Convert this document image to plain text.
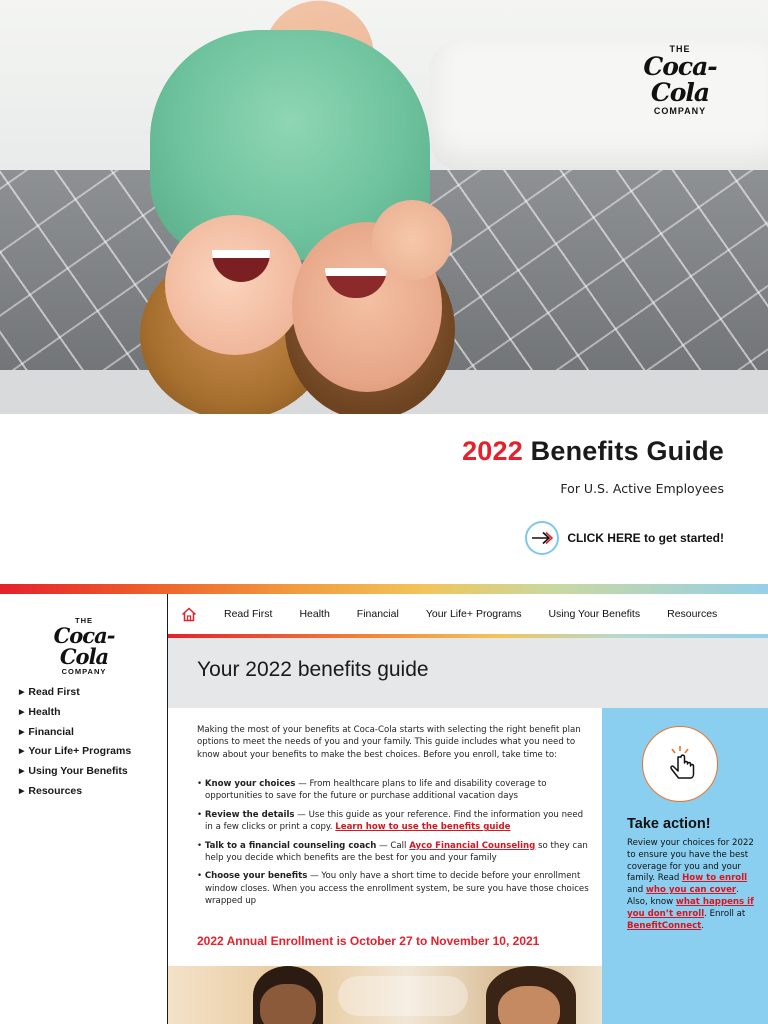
THE
Coca-Cola
COMPANY
2022 Benefits Guide
For U.S. Active Employees
CLICK HERE to get started!
THE
Coca-Cola
COMPANY
▶ Read First
▶ Health
▶ Financial
▶ Your Life+ Programs
▶ Using Your Benefits
▶ Resources
Read First	Health	Financial	Your Life+ Programs	Using Your Benefits	Resources
Your 2022 benefits guide

Making the most of your benefits at Coca‑Cola starts with selecting the right benefit plan options to meet the needs of you and your family. This guide includes what you need to know about your benefits to make the best choices. Before you enroll, take time to:

• Know your choices — From healthcare plans to life and disability coverage to opportunities to save for the future or purchase additional vacation days
• Review the details — Use this guide as your reference. Find the information you need in a few clicks or print a copy. Learn how to use the benefits guide
• Talk to a financial counseling coach — Call Ayco Financial Counseling so they can help you decide which benefits are the best for you and your family
• Choose your benefits — You only have a short time to decide before your enrollment window closes. When you access the enrollment system, be sure you have those choices wrapped up
2022 Annual Enrollment is October 27 to November 10, 2021
Take action!

Review your choices for 2022 to ensure you have the best coverage for you and your family. Read How to enroll and who you can cover. Also, know what happens if you don’t enroll. Enroll at BenefitConnect.
